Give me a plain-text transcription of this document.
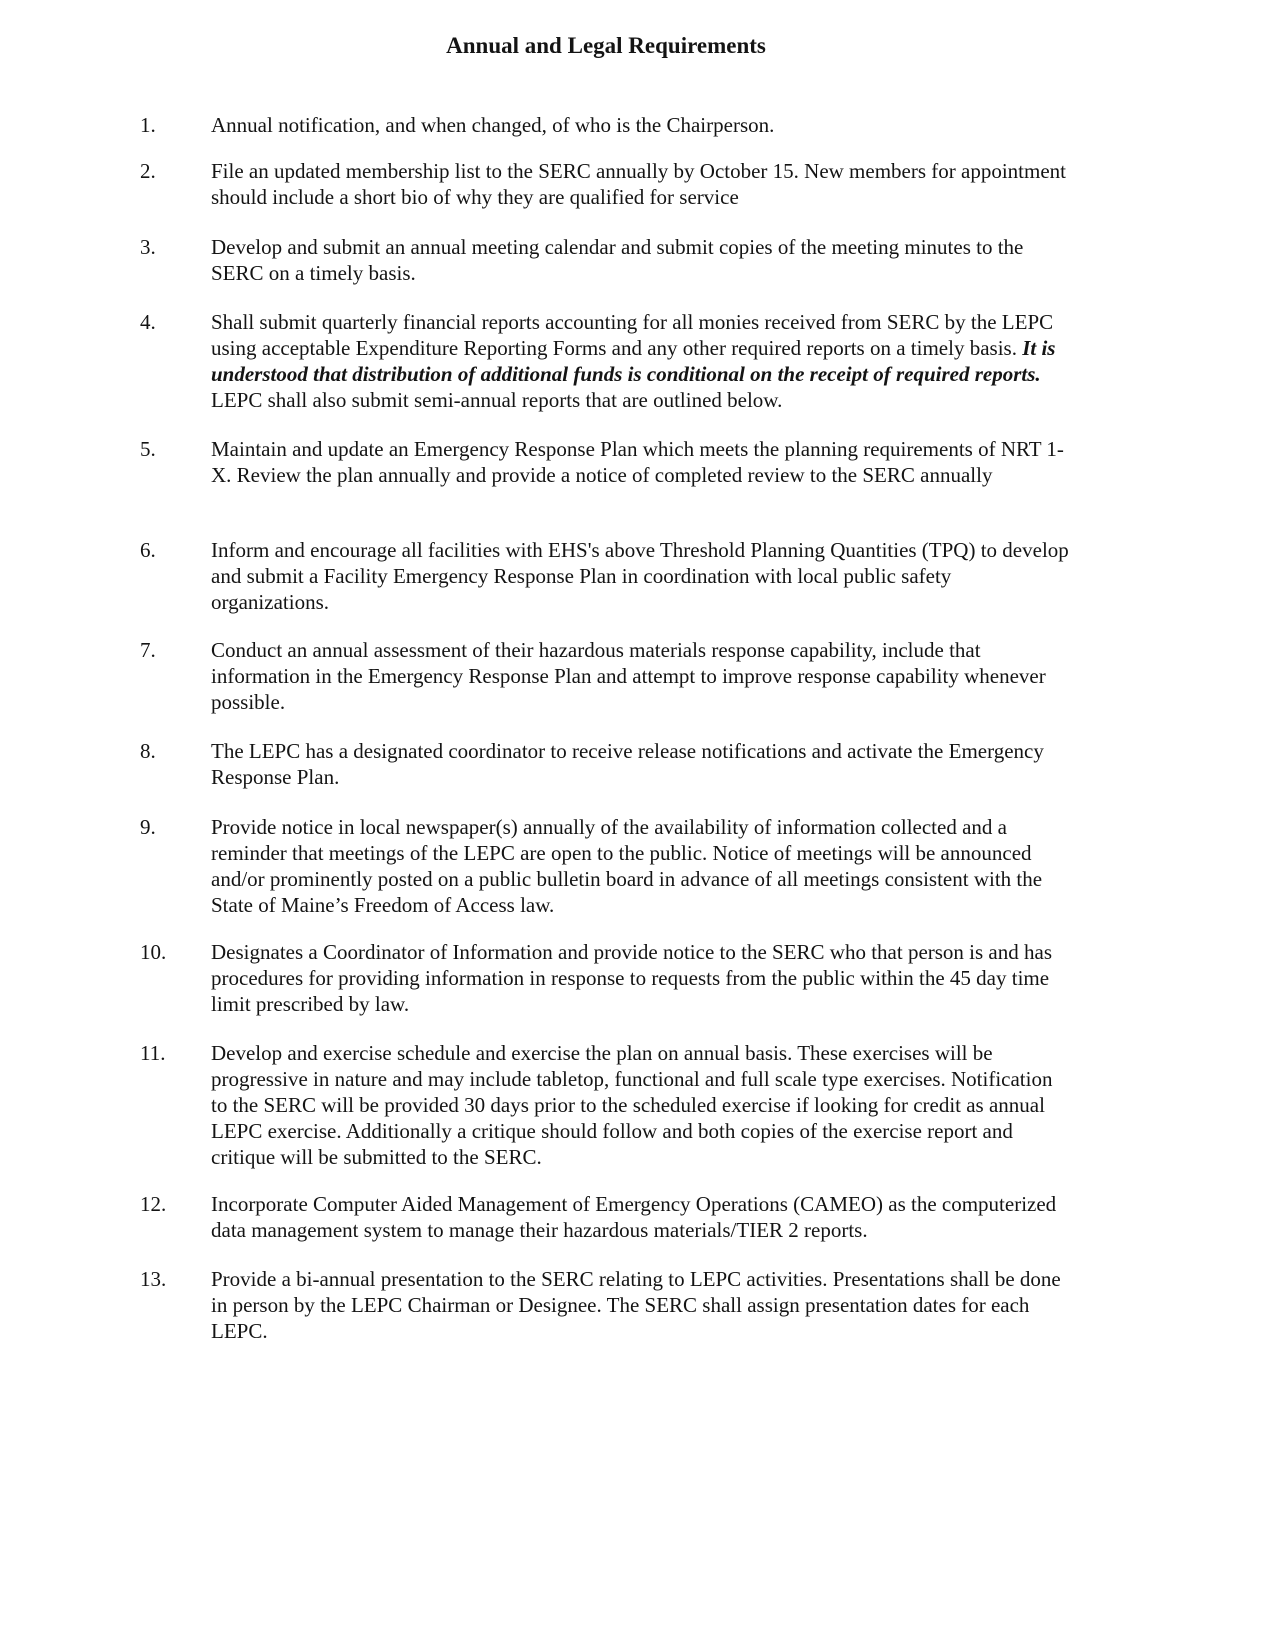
Annual and Legal Requirements
1.	Annual notification, and when changed, of who is the Chairperson.
2.	File an updated membership list to the SERC annually by October 15. New members for appointment should include a short bio of why they are qualified for service
3.	Develop and submit an annual meeting calendar and submit copies of the meeting minutes to the SERC on a timely basis.
4.	Shall submit quarterly financial reports accounting for all monies received from SERC by the LEPC using acceptable Expenditure Reporting Forms and any other required reports on a timely basis. It is understood that distribution of additional funds is conditional on the receipt of required reports. LEPC shall also submit semi-annual reports that are outlined below.
5.	Maintain and update an Emergency Response Plan which meets the planning requirements of NRT 1-X. Review the plan annually and provide a notice of completed review to the SERC annually
6.	Inform and encourage all facilities with EHS's above Threshold Planning Quantities (TPQ) to develop and submit a Facility Emergency Response Plan in coordination with local public safety organizations.
7.	Conduct an annual assessment of their hazardous materials response capability, include that information in the Emergency Response Plan and attempt to improve response capability whenever possible.
8.	The LEPC has a designated coordinator to receive release notifications and activate the Emergency Response Plan.
9.	Provide notice in local newspaper(s) annually of the availability of information collected and a reminder that meetings of the LEPC are open to the public. Notice of meetings will be announced and/or prominently posted on a public bulletin board in advance of all meetings consistent with the State of Maine’s Freedom of Access law.
10. Designates a Coordinator of Information and provide notice to the SERC who that person is and has procedures for providing information in response to requests from the public within the 45 day time limit prescribed by law.
11. Develop and exercise schedule and exercise the plan on annual basis. These exercises will be progressive in nature and may include tabletop, functional and full scale type exercises. Notification to the SERC will be provided 30 days prior to the scheduled exercise if looking for credit as annual LEPC exercise. Additionally a critique should follow and both copies of the exercise report and critique will be submitted to the SERC.
12. Incorporate Computer Aided Management of Emergency Operations (CAMEO) as the computerized data management system to manage their hazardous materials/TIER 2 reports.
13. Provide a bi-annual presentation to the SERC relating to LEPC activities. Presentations shall be done in person by the LEPC Chairman or Designee. The SERC shall assign presentation dates for each LEPC.
